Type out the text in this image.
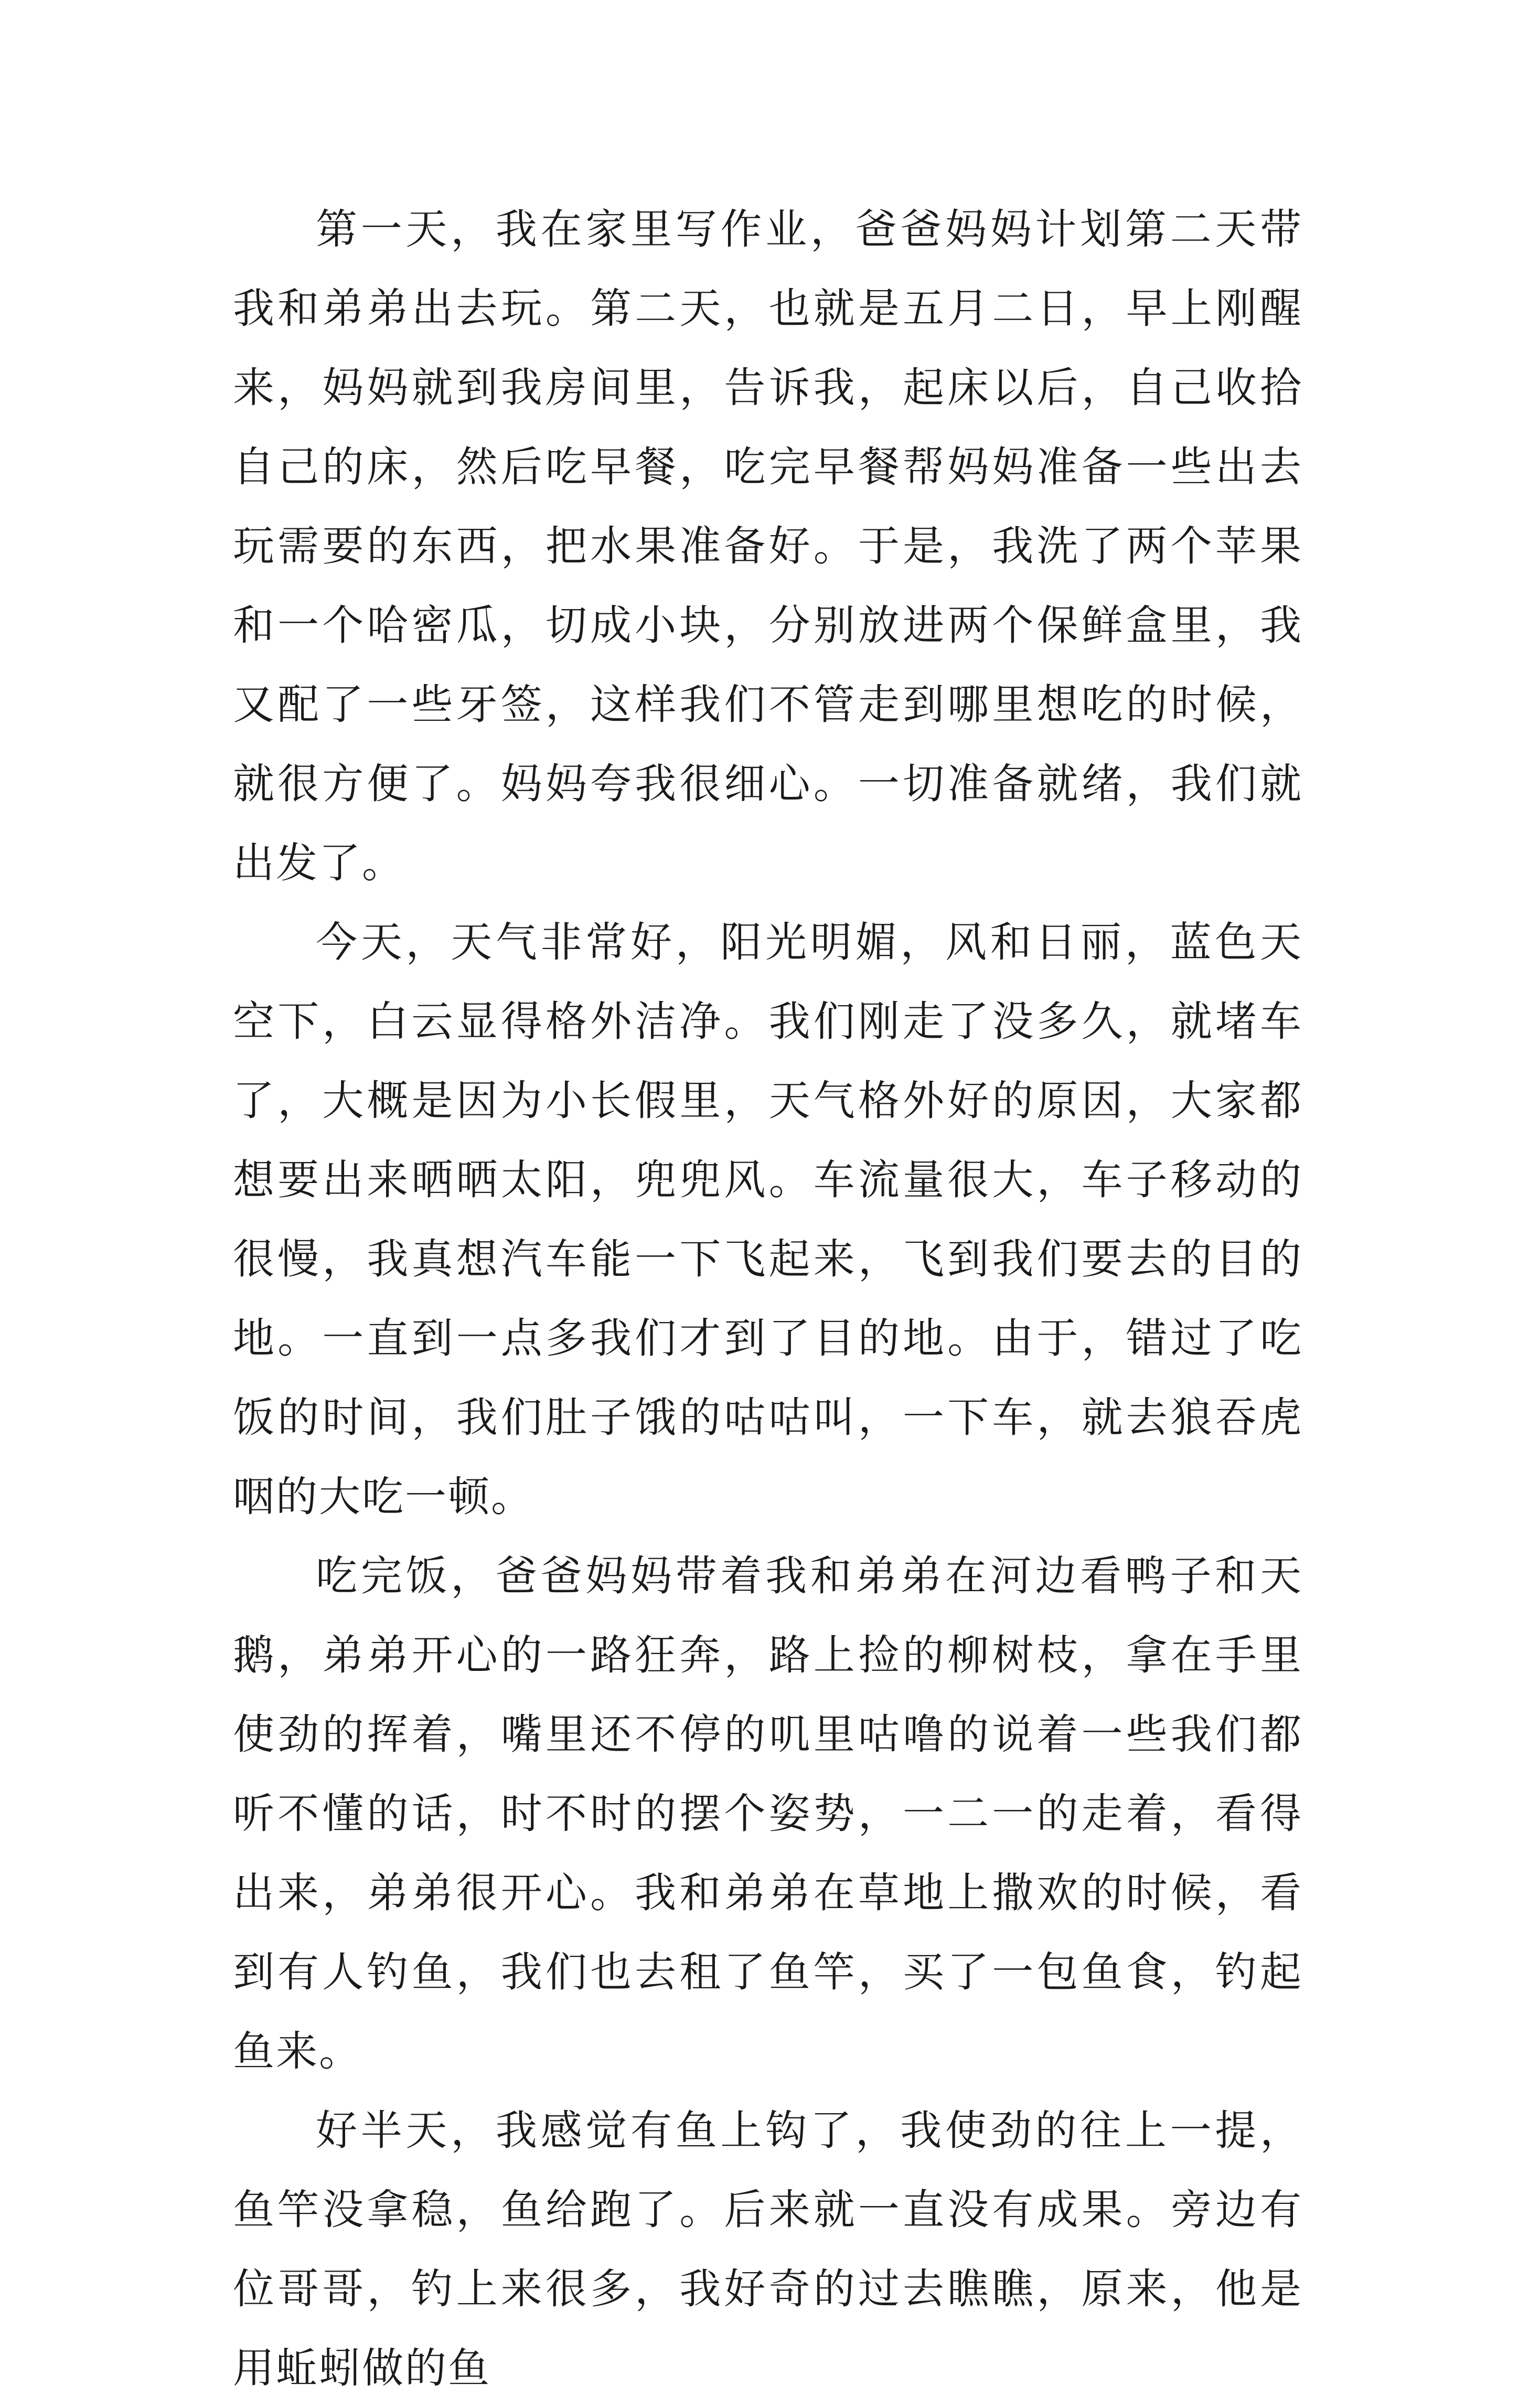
第一天，我在家里写作业，爸爸妈妈计划第二天带我和弟弟出去玩。第二天，也就是五月二日，早上刚醒来，妈妈就到我房间里，告诉我，起床以后，自己收拾自己的床，然后吃早餐，吃完早餐帮妈妈准备一些出去玩需要的东西，把水果准备好。于是，我洗了两个苹果和一个哈密瓜，切成小块，分别放进两个保鲜盒里，我又配了一些牙签，这样我们不管走到哪里想吃的时候，就很方便了。妈妈夸我很细心。一切准备就绪，我们就出发了。

今天，天气非常好，阳光明媚，风和日丽，蓝色天空下，白云显得格外洁净。我们刚走了没多久，就堵车了，大概是因为小长假里，天气格外好的原因，大家都想要出来晒晒太阳，兜兜风。车流量很大，车子移动的很慢，我真想汽车能一下飞起来，飞到我们要去的目的地。一直到一点多我们才到了目的地。由于，错过了吃饭的时间，我们肚子饿的咕咕叫，一下车，就去狼吞虎咽的大吃一顿。

吃完饭，爸爸妈妈带着我和弟弟在河边看鸭子和天鹅，弟弟开心的一路狂奔，路上捡的柳树枝，拿在手里使劲的挥着，嘴里还不停的叽里咕噜的说着一些我们都听不懂的话，时不时的摆个姿势，一二一的走着，看得出来，弟弟很开心。我和弟弟在草地上撒欢的时候，看到有人钓鱼，我们也去租了鱼竿，买了一包鱼食，钓起鱼来。

好半天，我感觉有鱼上钩了，我使劲的往上一提，鱼竿没拿稳，鱼给跑了。后来就一直没有成果。旁边有位哥哥，钓上来很多，我好奇的过去瞧瞧，原来，他是用蚯蚓做的鱼
